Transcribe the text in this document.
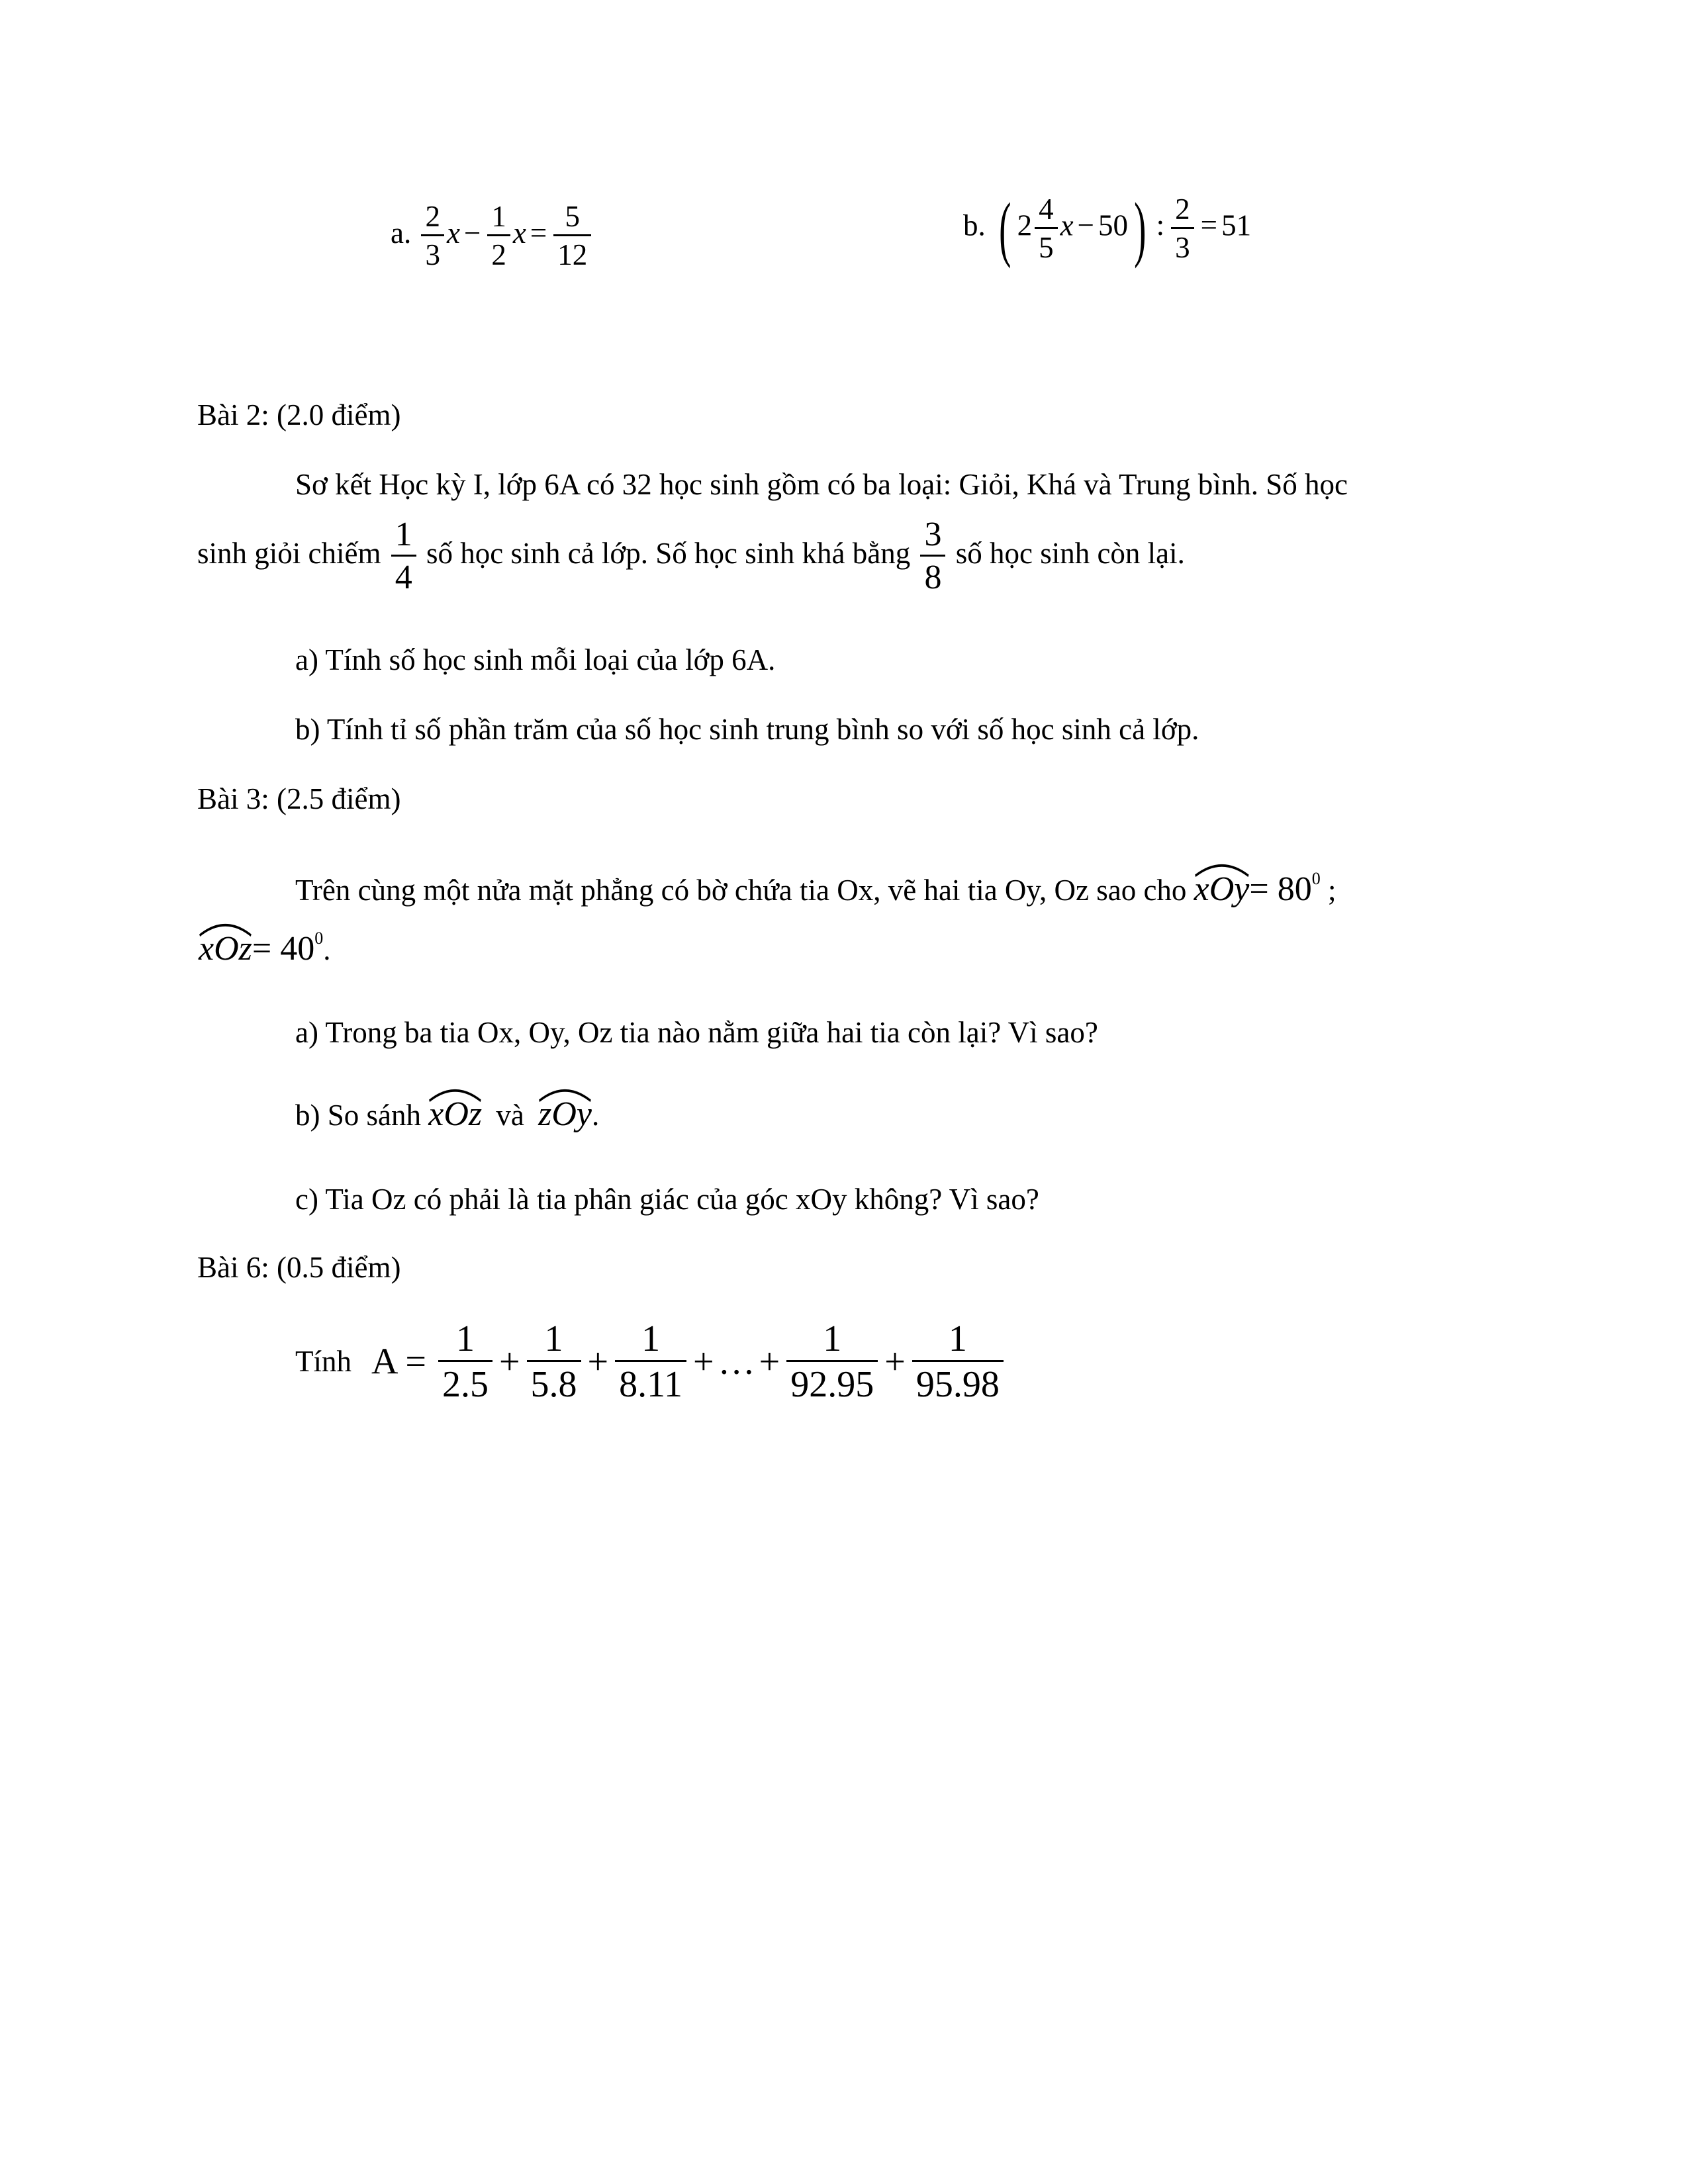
a. $\frac{2}{3}$ $x - \frac{1}{2}$ $x = \frac{5}{12}$	b. ( $2 \frac{4}{5}$ x − 50) : $\frac{2}{3} = 51$
Bài 2: (2.0 điểm)
Sơ kết Học kỳ I, lớp 6A có 32 học sinh gồm có ba loại: Giỏi, Khá và Trung bình. Số học
sinh giỏi chiếm $\frac{1}{4}$ số học sinh cả lớp. Số học sinh khá bằng $\frac{3}{8}$ số học sinh còn lại.
a) Tính số học sinh mỗi loại của lớp 6A.
b) Tính tỉ số phần trăm của số học sinh trung bình so với số học sinh cả lớp.
Bài 3: (2.5 điểm)
Trên cùng một nửa mặt phẳng có bờ chứa tia Ox, vẽ hai tia Oy, Oz sao cho $xOy= 80^0$ ;
$xOz= 40^0$.
a) Trong ba tia Ox, Oy, Oz tia nào nằm giữa hai tia còn lại? Vì sao?
b) So sánh xOz và zOy.
c) Tia Oz có phải là tia phân giác của góc xOy không? Vì sao?
Bài 6: (0.5 điểm)
Tính $A = \frac{1}{2.5} + \frac{1}{5.8} + \frac{1}{8.11}$ + … + $\frac{1}{92.95} + \frac{1}{95.98}$
